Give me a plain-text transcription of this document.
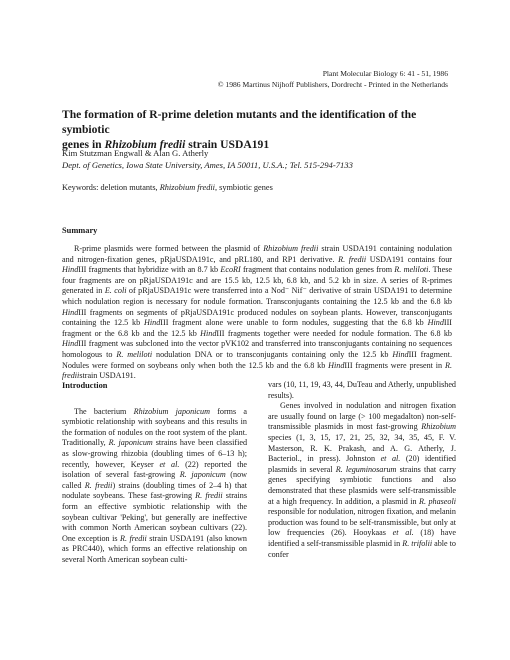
Plant Molecular Biology 6: 41 - 51, 1986
© 1986 Martinus Nijhoff Publishers, Dordrecht - Printed in the Netherlands
The formation of R-prime deletion mutants and the identification of the symbiotic
genes in Rhizobium fredii strain USDA191
Kim Stutzman Engwall & Alan G. Atherly
Dept. of Genetics, Iowa State University, Ames, IA 50011, U.S.A.; Tel. 515-294-7133
Keywords: deletion mutants, Rhizobium fredii, symbiotic genes
Summary

R-prime plasmids were formed between the plasmid of Rhizobium fredii strain USDA191 containing nodulation and nitrogen-fixation genes, pRjaUSDA191c, and pRL180, and RP1 derivative. R. fredii USDA191 contains four HindIII fragments that hybridize with an 8.7 kb EcoRI fragment that contains nodulation genes from R. meliloti. These four fragments are on pRjaUSDA191c and are 15.5 kb, 12.5 kb, 6.8 kb, and 5.2 kb in size. A series of R-primes generated in E. coli of pRjaUSDA191c were transferred into a Nod⁻ Nif⁻ derivative of strain USDA191 to determine which nodulation region is necessary for nodule formation. Transconjugants containing the 12.5 kb and the 6.8 kb HindIII fragments on segments of pRjaUSDA191c produced nodules on soybean plants. However, transconjugants containing the 12.5 kb HindIII fragment alone were unable to form nodules, suggesting that the 6.8 kb HindIII fragment or the 6.8 kb and the 12.5 kb HindIII fragments together were needed for nodule formation. The 6.8 kb HindIII fragment was subcloned into the vector pVK102 and transferred into transconjugants containing no sequences homologous to R. meliloti nodulation DNA or to transconjugants containing only the 12.5 kb HindIII fragment. Nodules were formed on soybeans only when both the 12.5 kb and the 6.8 kb HindIII fragments were present in R. frediistrain USDA191.

Introduction

The bacterium Rhizobium japonicum forms a symbiotic relationship with soybeans and this results in the formation of nodules on the root system of the plant. Traditionally, R. japonicum strains have been classified as slow-growing rhizobia (doubling times of 6–13 h); recently, however, Keyser et al. (22) reported the isolation of several fast-growing R. japonicum (now called R. fredii) strains (doubling times of 2–4 h) that nodulate soybeans. These fast-growing R. fredii strains form an effective symbiotic relationship with the soybean cultivar 'Peking', but generally are ineffective with common North American soybean cultivars (22). One exception is R. fredii strain USDA191 (also known as PRC440), which forms an effective relationship on several North American soybean culti-

vars (10, 11, 19, 43, 44, DuTeau and Atherly, unpublished results).

Genes involved in nodulation and nitrogen fixation are usually found on large (> 100 megadalton) non-self-transmissible plasmids in most fast-growing Rhizobium species (1, 3, 15, 17, 21, 25, 32, 34, 35, 45, F. V. Masterson, R. K. Prakash, and A. G. Atherly, J. Bacteriol., in press). Johnston et al. (20) identified plasmids in several R. leguminosarum strains that carry genes specifying symbiotic functions and also demonstrated that these plasmids were self-transmissible at a high frequency. In addition, a plasmid in R. phaseoli responsible for nodulation, nitrogen fixation, and melanin production was found to be self-transmissible, but only at low frequencies (26). Hooykaas et al. (18) have identified a self-transmissible plasmid in R. trifolii able to confer
